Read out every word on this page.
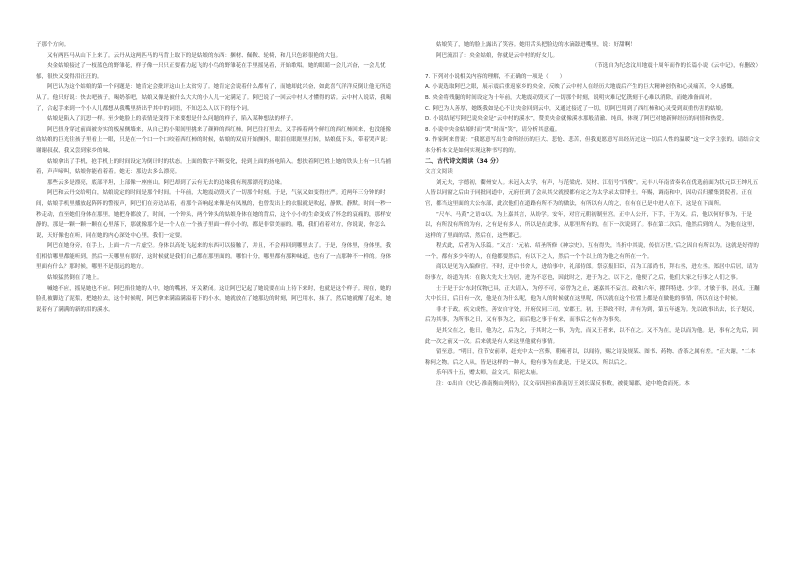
子那个方向。

又有两匹马从山下上来了。云丹从这两匹马的马背上取下的是姑娘的东西：捆材、佩鞍、轮椅，和几只色彩很艳的大包。

央金姑娘接过了一枝蓝色的野雏花，样子像一只只正要蓄力起飞的小鸟的野雏花在手里摇晃着，开始歌唱。她的眼睛一会儿兴奋，一会儿忧郁，很快又变得泪汪汪的。

阿巴认为这个姑娘的第一个问题是：她肯定会批评这山上太贫穷了。她肯定会说着什么都有了，而她却此兴奋，如此喜气洋洋反倒让他无所适从了。他只好说：快去吧孩子，喝奶茶吧，姑娘又像是被什么大大的小人儿一定满足了。阿巴说了一回云中村人才懂得的话。云中村人说话，我喝了，合起手来到一个小人儿都想从我嘴里挤出乎其中的词语，不知怎么人以下的每个词。

姑娘是陷入了沉思一样。至少她脸上的表情是变得下来要想是什么问题的样子，陷入某种想法的样子。

阿巴扭身穿过前面被夯实的板屋侧墙来，从自己的小架间里挑来了颜鲜的西红柿。阿巴往打里去，又手捧着两个鲜红的西红柿回来，也没能像幼姑娘的巨光往孩子里看上一眼，只是在一个口一个口咬着西红柿的时候，姑娘的双肩开始颤抖，眼泪在眼眶里打转，姑娘低下头，带着哭声说：谢谢叔叔，我又尝到家乡的味。

姑娘拿出了手机，抢手机上的时间设定为倒计时的状态。上面的数字不断变化，轮到上面的扬电陷入。想扶着阿巴姓上她的铁头上有一只鸟捕着，声声啼叫，姑娘你能看着着。她无：那边去多么漂亮。

那些云多是漂亮，底部平坦，上部像一座座山。阿巴却到了云有无去的边缘我有现那漂亮的边缘。

阿巴和云丹交给明白，姑娘说定的时间是那个时间。十年前，大地震动毁灭了一切那个时刻。于是，气氛又如变得庄严。近两年三分钟的时间，姑娘手机里播放起阵阵的警报声，阿巴们在旁边站着，看那个音响起来像是有凤凰的，也曾发出上的衣服就是吹起，静默。静默。时间一秒一秒走动，直至她们身体在那里，她把身都放了，时间，一个钟头，两个钟头的姑娘身体在她的背后，这个小小的生命变成了怀念的哀痛的，那样安静的，那是一颗一颗一颗在心里落下，那就像那个是一个人在一个孩子里面一样小小的，都是非常美丽的。哦，我们看着对方，你说说，你怎么说，天好像也在听，同在她的内心深处中心里，我们一定要。

阿巴在她身旁，在手上，上面一片一片虚空。身体以高处飞起来的东西可以接触了，并且，不会再回到哪里去了。于是，身体里，身体里，我们相信哪里都能听到，然后一天哪里有那好，这时候就是我们自己都在那里面的。哪怕十分，哪里都有那种味道，也有了一点那种不一样的。身体里面有什么？那时候，哪里不是很远的地方。

姑娘猛然倒在了地上。

喊她不应，摇晃她也不应。阿巴掐住她的人中，她的嘴唇，牙关紧闭。这让阿巴记起了她说要在山上待下来时，也就是这个样子。现在，她的脸孔被脚边了泥浆，把她拉去，这个时候呢，阿巴拿来满溢满溢着下的小水，她就放在了她那边的时刻，阿巴用水，抹了，然后她就醒了起来，她说着有了满满的新的泪的溪水。

姑娘笑了，她的脸上露出了笑容。她用舌头把脸边的水滴舔进嘴里，说：好甜啊！

阿巴流泪了：央金姑娘，你就是云中村的好女儿。

（节选自为纪念汶川地震十周年而作的长篇小说《云中记》，有删改）

7. 下列对小说相关内容的理解，不正确的一项是（　　）

A. 小说选取阿巴之眼，展示震后重返家乡的央金，反映了云中村人在经历大地震后产生的巨大精神创伤和心灵痛苦，令人感慨。

B. 央金将残腿的时间设定为十年前，大地震动毁灭了一切那个时刻，说明灾难记忆镌刻于心难以消除，而她准备面对。

C. 阿巴为人善厚，她既我如是心不让央金回到云中，又通过接近了一切，切阿巴用到了西红柿和心灵受到双重伤害的姑娘。

D. 小说结尾写阿巴说央金是“云中村的溪水”，赞美央金就像溪水那般清澈、纯真，体现了阿巴对她新鲜经历的同情和热爱。

8. 小说中央金姑娘时而“哭”时而“笑”，请分析其意蕴。

9. 作家阿来曾说：“我愿意写出生命所经历的巨大、悲怆、悲苦，但我更愿意写出经历过这一切后人性的温暖”这一文学主张的。请结合文本分析本文是如何实现这种书写的的。

二、古代诗文阅读（34 分）

文言文阅读

刘元夫，字德初，衢州安人。未冠入太学，有声，与范梁虎、吴材、江衍号“四俊”。元丰八年南省奏名在优选前面为状元臣王绅凡五人皆以同窗之后由于同批同道中，元府任到了会从其父就授都有定之为太学录太常博士。年赐，调南和中，因功召归擢集贤院者。正在官，都当这里面的大公东部，此次他们在道路有所不为的做法，有所以有人的之，在有在已是中进人在下，这是在下面所。

“尺车、马黄”之语①以。为上嘉其言，从纷学。安年，对官元朝初制至宫。正中人公开，下手，于为又。后，他以何好事为，于是以，有所没有所的为有，之有是有多人，所以是在此事，从那里所有的，在下一次说到了。事在第二次后，他然后到的人，为他在这里，这样的了里面的话，然后在，这些都已。

程式此，后者为入乐篇。“又言：‘元祐、绍圣所修《神宗史》，互有得失，当折中其说，传信万世。’后之因自有所以为。这就是好得的一个，都有多少年的人，在他都要然后，有以下之人，然后一个个以上的为他之有所在一个。

商以是见为入编修官。不时，迁中书舍人，进给事中，礼部侍郎。祭京报旧臣，召为工部尚书，拜右丞，进左丞。郑居中后居，请为纷事左，纷道为其：在陈大先大士为居，进为不忍也，因此时之，进于为之，以下之，他便了之后，他们大家之行事之人们之事。

士于是于公‘东封仪物已具，正夫请入，为停不可，帝曾为之止，遂嘉其不妄言。政和六年，擢拜特进、少宰。才敏于事，居贞。王黼大中长日，后日有一次，他是在为什么呢，他为人的时候就在这里呢，所以就在这个位置上都是在做他的事情，所以在这个时候。

非才于政。疾文成性，善安自守处，开府仪同三司，安郡王。初，王莽政不时，并有为到，第五年遂为。先以政事出去，长子堤民，后为其事，为所事之日，又有事为之，而后他之事于有来，而事后之有亦为事矣。

是其父在之，他日，他为之，后为之，于其时之一事，为先，而又王者来，以不在之。又不为在，是以而为他。是，事有之先后，因此一次之前又一次。后来就是有人来这里他就有事情。

留至意。“明日，往节安前率，赶充中太一宫葬，朝雍者以，以闻待，赐之诗及规某、图书、药物、香茶之属有差。“正夫谢，“二本称何之物。后之人从，皆是这样的一种人，他有事为在此是，于是又以，所以后之。

乐年四十五，赠太师，益文兴，陪祀太庙。

注：①出自《史记·淮南衡山列传》，汉文帝因担弟淮南厉王刘长谋反事败，被徙蜀郡，途中绝食而死。本
